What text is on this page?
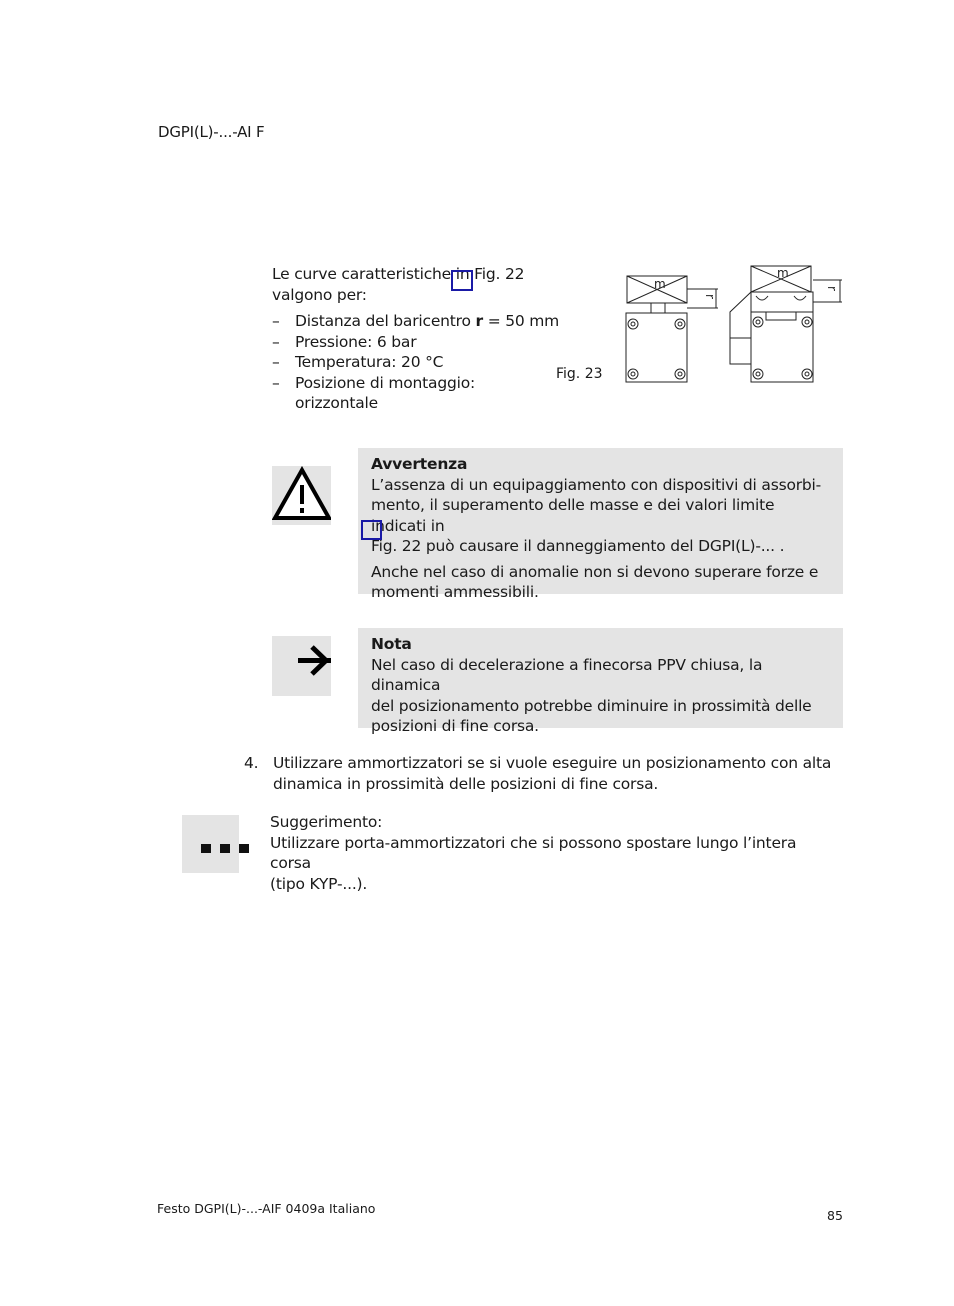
DGPI(L)-...-AI F
Le curve caratteristiche in Fig. 22
valgono per:
– Distanza del baricentro r = 50 mm
– Pressione: 6 bar
– Temperatura: 20 °C
– Posizione di montaggio:
orizzontale
Fig. 23
m
m
r
r
Avvertenza
L’assenza di un equipaggiamento con dispositivi di assorbi-
mento, il superamento delle masse e dei valori limite indicati in
Fig. 22 può causare il danneggiamento del DGPI(L)-... .
Anche nel caso di anomalie non si devono superare forze e
momenti ammessibili.
Nota
Nel caso di decelerazione a finecorsa PPV chiusa, la dinamica
del posizionamento potrebbe diminuire in prossimità delle
posizioni di fine corsa.
4. Utilizzare ammortizzatori se si vuole eseguire un posizionamento con alta
dinamica in prossimità delle posizioni di fine corsa.
Suggerimento:
Utilizzare porta-ammortizzatori che si possono spostare lungo l’intera corsa
(tipo KYP-...).
Festo DGPI(L)-...-AIF 0409a Italiano	85
